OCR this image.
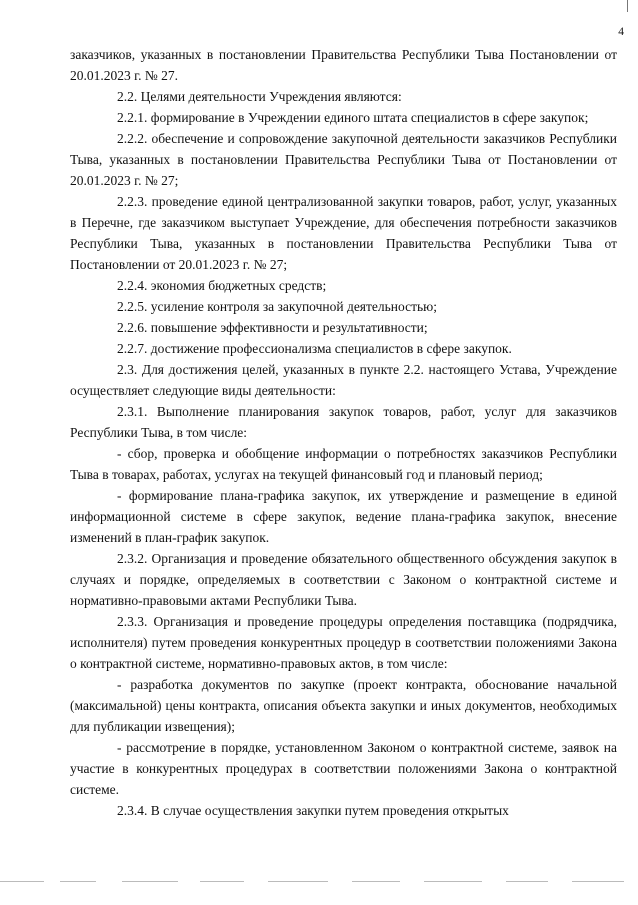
4

заказчиков, указанных в постановлении Правительства Республики Тыва Постановлении от 20.01.2023 г. № 27.

2.2. Целями деятельности Учреждения являются:

2.2.1. формирование в Учреждении единого штата специалистов в сфере закупок;

2.2.2. обеспечение и сопровождение закупочной деятельности заказчиков Республики Тыва, указанных в постановлении Правительства Республики Тыва от Постановлении от 20.01.2023 г. № 27;

2.2.3. проведение единой централизованной закупки товаров, работ, услуг, указанных в Перечне, где заказчиком выступает Учреждение, для обеспечения потребности заказчиков Республики Тыва, указанных в постановлении Правительства Республики Тыва от Постановлении от 20.01.2023 г. № 27;

2.2.4. экономия бюджетных средств;

2.2.5. усиление контроля за закупочной деятельностью;

2.2.6. повышение эффективности и результативности;

2.2.7. достижение профессионализма специалистов в сфере закупок.

2.3. Для достижения целей, указанных в пункте 2.2. настоящего Устава, Учреждение осуществляет следующие виды деятельности:

2.3.1. Выполнение планирования закупок товаров, работ, услуг для заказчиков Республики Тыва, в том числе:

- сбор, проверка и обобщение информации о потребностях заказчиков Республики Тыва в товарах, работах, услугах на текущей финансовый год и плановый период;

- формирование плана-графика закупок, их утверждение и размещение в единой информационной системе в сфере закупок, ведение плана-графика закупок, внесение изменений в план-график закупок.

2.3.2. Организация и проведение обязательного общественного обсуждения закупок в случаях и порядке, определяемых в соответствии с Законом о контрактной системе и нормативно-правовыми актами Республики Тыва.

2.3.3. Организация и проведение процедуры определения поставщика (подрядчика, исполнителя) путем проведения конкурентных процедур в соответствии положениями Закона о контрактной системе, нормативно-правовых актов, в том числе:

- разработка документов по закупке (проект контракта, обоснование начальной (максимальной) цены контракта, описания объекта закупки и иных документов, необходимых для публикации извещения);

- рассмотрение в порядке, установленном Законом о контрактной системе, заявок на участие в конкурентных процедурах в соответствии положениями Закона о контрактной системе.

2.3.4. В случае осуществления закупки путем проведения открытых
